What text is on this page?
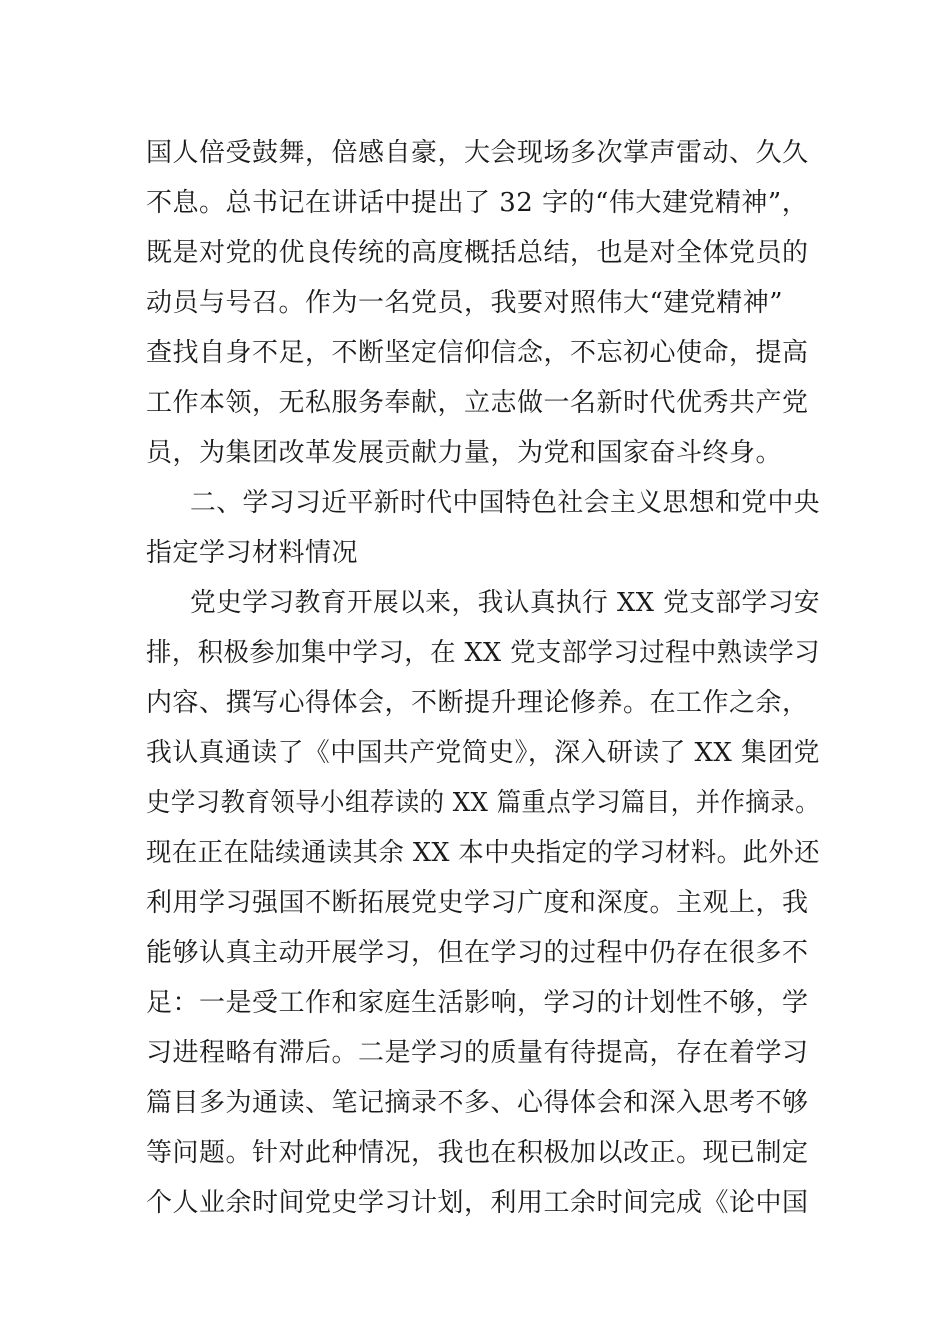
国人倍受鼓舞，倍感自豪，大会现场多次掌声雷动、久久
不息。总书记在讲话中提出了 32 字的“伟大建党精神”，
既是对党的优良传统的高度概括总结，也是对全体党员的
动员与号召。作为一名党员，我要对照伟大“建党精神”
查找自身不足，不断坚定信仰信念，不忘初心使命，提高
工作本领，无私服务奉献，立志做一名新时代优秀共产党
员，为集团改革发展贡献力量，为党和国家奋斗终身。
二、学习习近平新时代中国特色社会主义思想和党中央
指定学习材料情况
党史学习教育开展以来，我认真执行 XX 党支部学习安
排，积极参加集中学习，在 XX 党支部学习过程中熟读学习
内容、撰写心得体会，不断提升理论修养。在工作之余，
我认真通读了《中国共产党简史》，深入研读了 XX 集团党
史学习教育领导小组荐读的 XX 篇重点学习篇目，并作摘录。
现在正在陆续通读其余 XX 本中央指定的学习材料。此外还
利用学习强国不断拓展党史学习广度和深度。主观上，我
能够认真主动开展学习，但在学习的过程中仍存在很多不
足：一是受工作和家庭生活影响，学习的计划性不够，学
习进程略有滞后。二是学习的质量有待提高，存在着学习
篇目多为通读、笔记摘录不多、心得体会和深入思考不够
等问题。针对此种情况，我也在积极加以改正。现已制定
个人业余时间党史学习计划，利用工余时间完成《论中国
